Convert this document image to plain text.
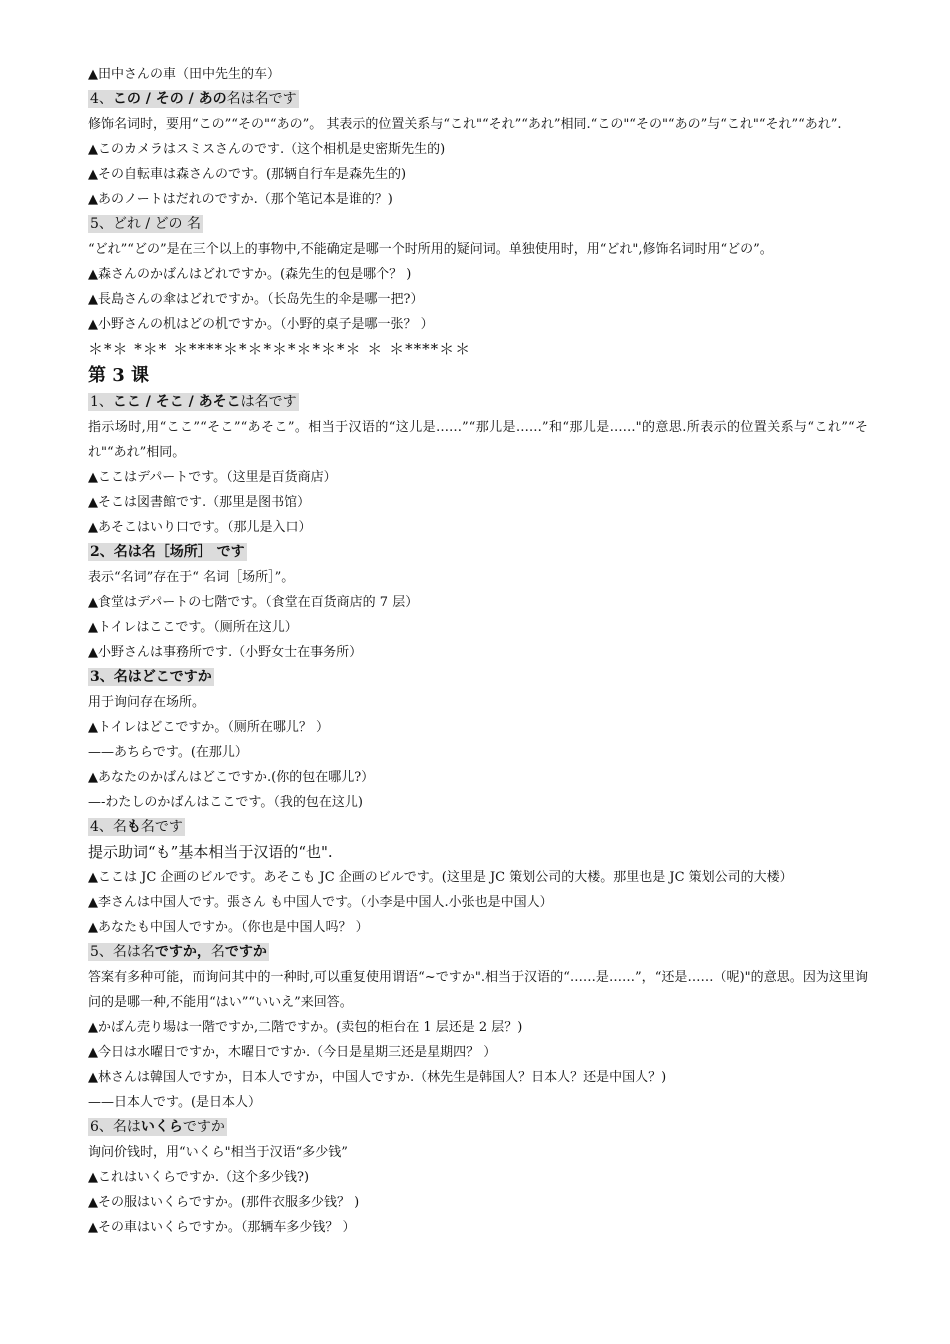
▲田中さんの車（田中先生的车）
4、この / その / あの名は名です
修饰名词时，要用“この”“その"“あの”。 其表示的位置关系与“これ"“それ”“あれ”相同.“この"“その"“あの”与“これ"“それ”“あれ”.
▲このカメラはスミスさんのです.（这个相机是史密斯先生的)
▲その自転車は森さんのです。(那辆自行车是森先生的)
▲あのノートはだれのですか.（那个笔记本是谁的？)
5、どれ / どの 名
“どれ”“どの”是在三个以上的事物中,不能确定是哪一个时所用的疑问词。单独使用时，用“どれ",修饰名词时用“どの”。
▲森さんのかばんはどれですか。(森先生的包是哪个？ )
▲長島さんの傘はどれですか。（长岛先生的伞是哪一把?）
▲小野さんの机はどの机ですか。（小野的桌子是哪一张？ ）
＊*＊ *＊* ＊****＊*＊*＊*＊*＊*＊ ＊ ＊****＊＊
第 3 课
1、ここ / そこ / あそこは名です
指示场时,用“ここ”“そこ”“あそこ”。相当于汉语的“这儿是……”“那儿是……”和“那儿是……"的意思.所表示的位置关系与“これ”“それ"“あれ”相同。
▲ここはデパートです。（这里是百货商店）
▲そこは図書館です.（那里是图书馆）
▲あそこはいり口です。（那儿是入口）
2、名は名［场所］ です
表示“名词”存在于“ 名词［场所］”。
▲食堂はデパートの七階です。（食堂在百货商店的 7 层）
▲トイレはここです。（厕所在这儿）
▲小野さんは事務所です.（小野女士在事务所）
3、名はどこですか
用于询问存在场所。
▲トイレはどこですか。（厕所在哪儿？ ）
——あちらです。(在那儿）
▲あなたのかばんはどこですか.(你的包在哪儿?）
—-わたしのかばんはここです。（我的包在这儿)
4、名も名です
提示助词“も”基本相当于汉语的“也".
▲ここは JC 企画のビルです。あそこも JC 企画のビルです。(这里是 JC 策划公司的大楼。那里也是 JC 策划公司的大楼）
▲李さんは中国人です。張さん も中国人です。（小李是中国人.小张也是中国人）
▲あなたも中国人ですか。（你也是中国人吗？ ）
5、名は名ですか，名ですか
答案有多种可能，而询问其中的一种时,可以重复使用谓语“~ですか".相当于汉语的“……是……”，“还是……（呢)"的意思。因为这里询问的是哪一种,不能用“はい”“いいえ”来回答。
▲かばん売り場は一階ですか,二階ですか。(卖包的柜台在 1 层还是 2 层？)
▲今日は水曜日ですか，木曜日ですか.（今日是星期三还是星期四？ ）
▲林さんは韓国人ですか，日本人ですか，中国人ですか.（林先生是韩国人？日本人？还是中国人？)
——日本人です。(是日本人）
6、名はいくらですか
询问价钱时，用“いくら"相当于汉语“多少钱”
▲これはいくらですか.（这个多少钱?)
▲その服はいくらですか。(那件衣服多少钱？ )
▲その車はいくらですか。（那辆车多少钱？ ）
